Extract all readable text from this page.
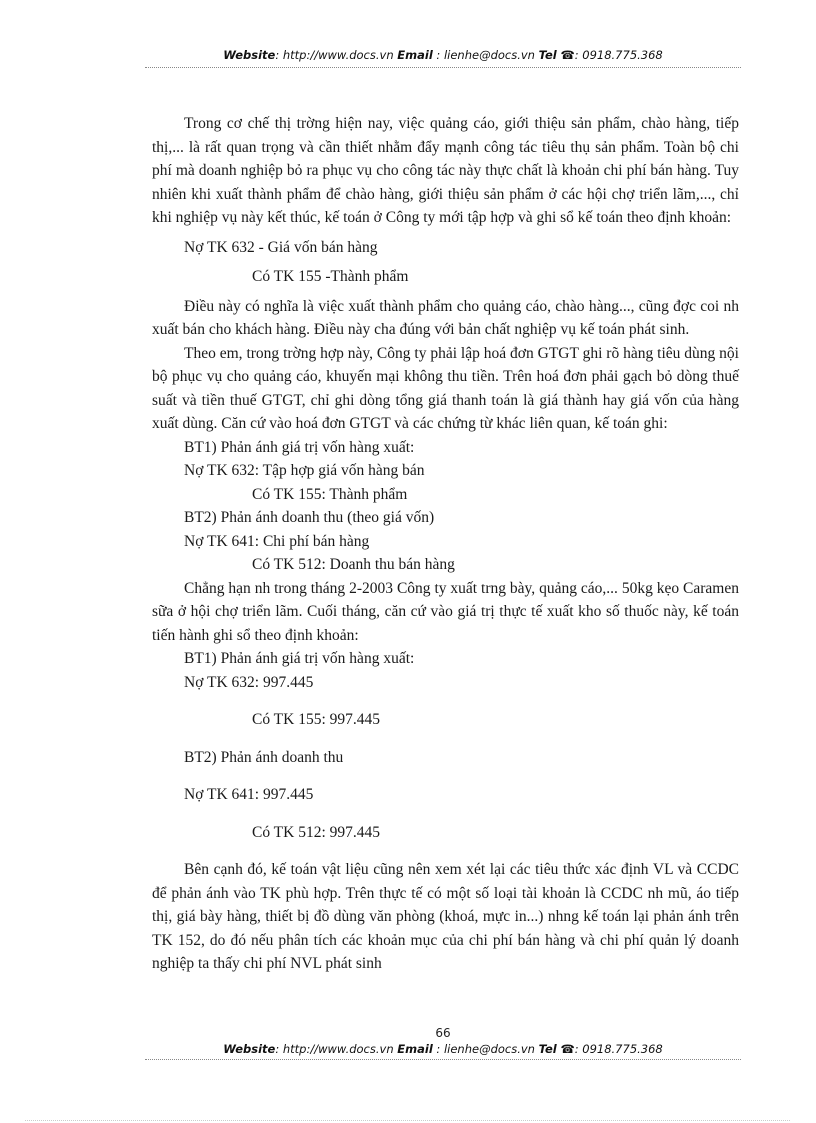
Website: http://www.docs.vn Email : lienhe@docs.vn Tel ☎: 0918.775.368

Trong cơ chế thị trờng hiện nay, việc quảng cáo, giới thiệu sản phẩm, chào hàng, tiếp thị,... là rất quan trọng và cần thiết nhằm đẩy mạnh công tác tiêu thụ sản phẩm. Toàn bộ chi phí mà doanh nghiệp bỏ ra phục vụ cho công tác này thực chất là khoản chi phí bán hàng. Tuy nhiên khi xuất thành phẩm để chào hàng, giới thiệu sản phẩm ở các hội chợ triển lãm,..., chỉ khi nghiệp vụ này kết thúc, kế toán ở Công ty mới tập hợp và ghi sổ kế toán theo định khoản:

Nợ TK 632 - Giá vốn bán hàng

Có TK 155 -Thành phẩm

Điều này có nghĩa là việc xuất thành phẩm cho quảng cáo, chào hàng..., cũng đợc coi nh xuất bán cho khách hàng. Điều này cha đúng với bản chất nghiệp vụ kế toán phát sinh.

Theo em, trong trờng hợp này, Công ty phải lập hoá đơn GTGT ghi rõ hàng tiêu dùng nội bộ phục vụ cho quảng cáo, khuyến mại không thu tiền. Trên hoá đơn phải gạch bỏ dòng thuế suất và tiền thuế GTGT, chỉ ghi dòng tổng giá thanh toán là giá thành hay giá vốn của hàng xuất dùng. Căn cứ vào hoá đơn GTGT và các chứng từ khác liên quan, kế toán ghi:

BT1) Phản ánh giá trị vốn hàng xuất:

Nợ TK 632: Tập hợp giá vốn hàng bán

Có TK 155: Thành phẩm

BT2) Phản ánh doanh thu (theo giá vốn)

Nợ TK 641: Chi phí bán hàng

Có TK 512: Doanh thu bán hàng

Chẳng hạn nh trong tháng 2-2003 Công ty xuất trng bày, quảng cáo,... 50kg kẹo Caramen sữa ở hội chợ triển lãm. Cuối tháng, căn cứ vào giá trị thực tế xuất kho số thuốc này, kế toán tiến hành ghi sổ theo định khoản:

BT1) Phản ánh giá trị vốn hàng xuất:

Nợ TK 632: 997.445

Có TK 155: 997.445

BT2) Phản ánh doanh thu

Nợ TK 641: 997.445

Có TK 512: 997.445

Bên cạnh đó, kế toán vật liệu cũng nên xem xét lại các tiêu thức xác định VL và CCDC để phản ánh vào TK phù hợp. Trên thực tế có một số loại tài khoản là CCDC nh mũ, áo tiếp thị, giá bày hàng, thiết bị đồ dùng văn phòng (khoá, mực in...) nhng kế toán lại phản ánh trên TK 152, do đó nếu phân tích các khoản mục của chi phí bán hàng và chi phí quản lý doanh nghiệp ta thấy chi phí NVL phát sinh

66
Website: http://www.docs.vn Email : lienhe@docs.vn Tel ☎: 0918.775.368
